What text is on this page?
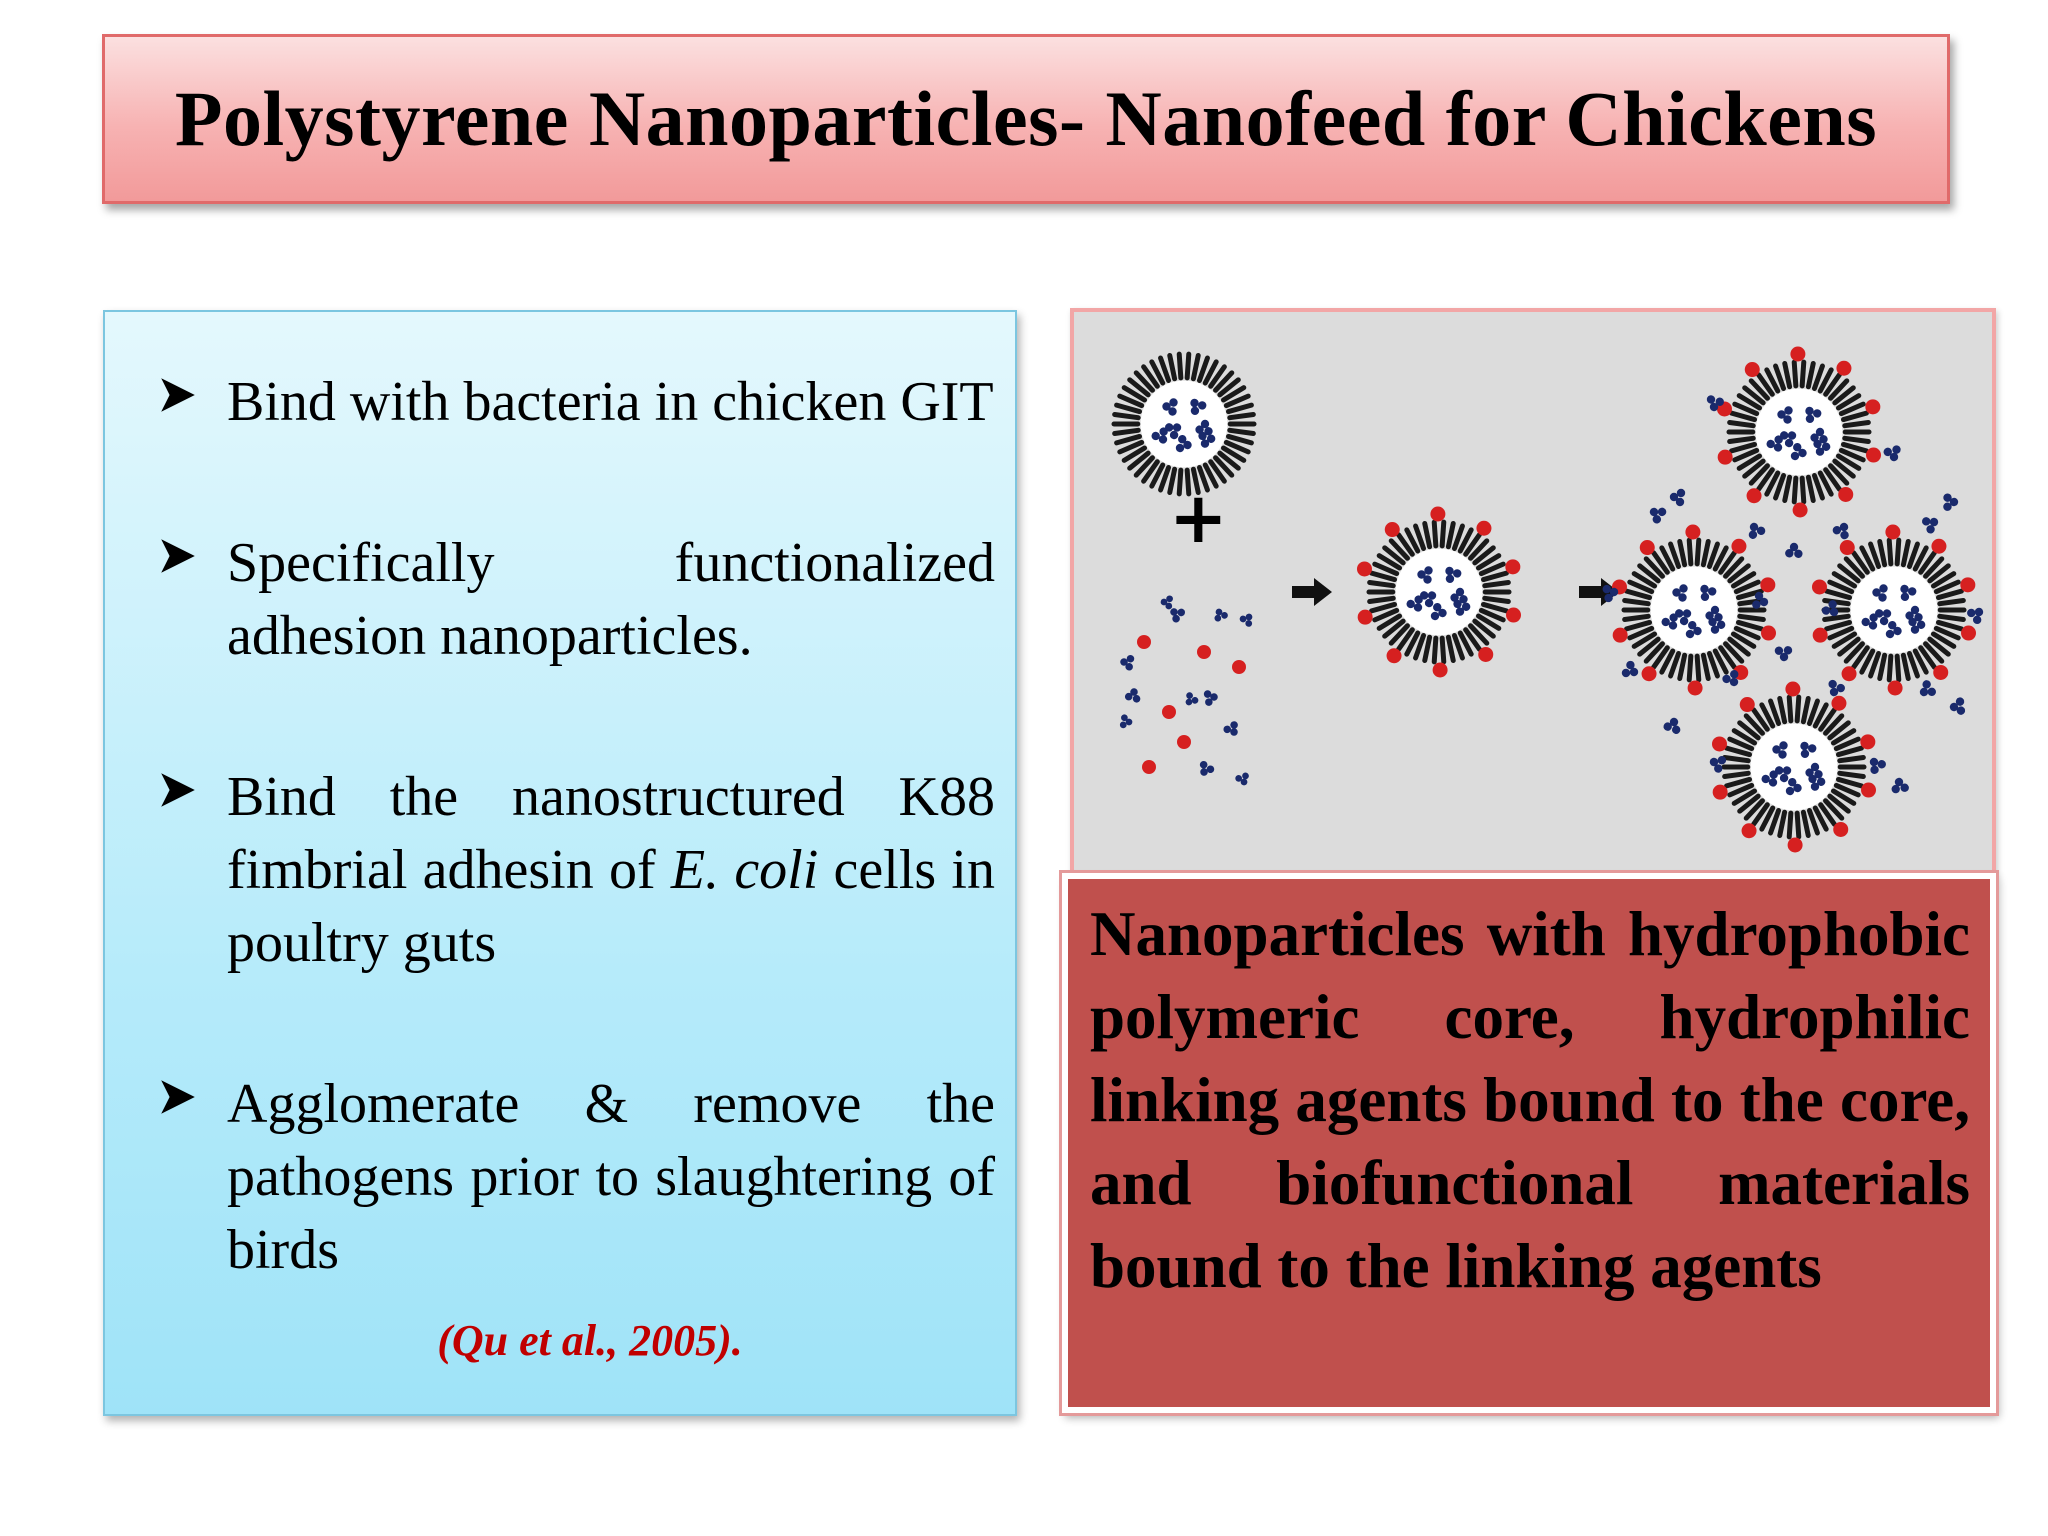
Polystyrene Nanoparticles- Nanofeed for Chickens
Bind with bacteria in chicken GIT
Specifically functionalized adhesion nanoparticles.
Bind the nanostructured K88 fimbrial adhesin of E. coli cells in poultry guts
Agglomerate & remove the pathogens prior to slaughtering of birds
(Qu et al., 2005).
+
Nanoparticles with hydrophobic polymeric core, hydrophilic linking agents bound to the core, and biofunctional materials bound to the linking agents
